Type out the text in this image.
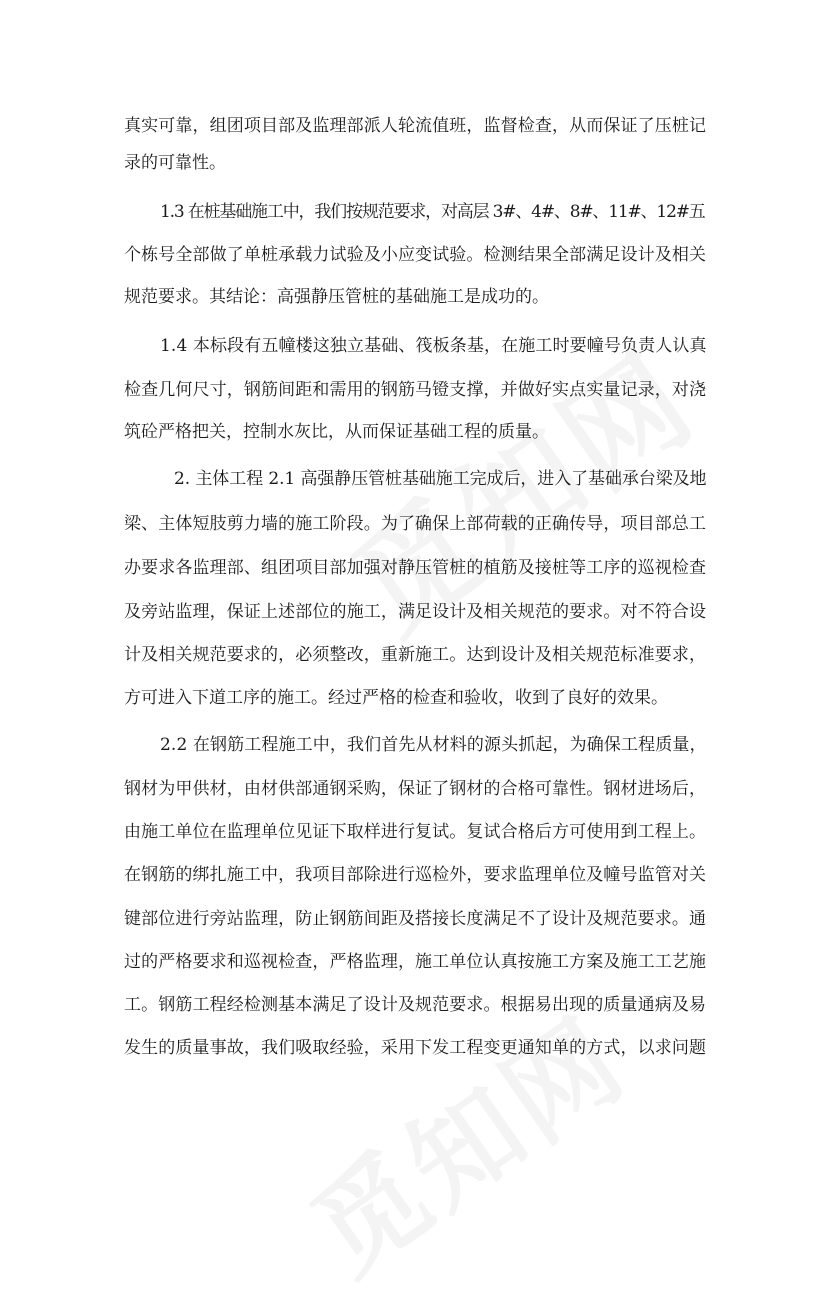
真实可靠，组团项目部及监理部派人轮流值班，监督检查，从而保证了压桩记
录的可靠性。
1.3 在桩基础施工中，我们按规范要求，对高层 3#、4#、8#、11#、12#五
个栋号全部做了单桩承载力试验及小应变试验。检测结果全部满足设计及相关
规范要求。其结论：高强静压管桩的基础施工是成功的。
1.4 本标段有五幢楼这独立基础、筏板条基，在施工时要幢号负责人认真
检查几何尺寸，钢筋间距和需用的钢筋马镫支撑，并做好实点实量记录，对浇
筑砼严格把关，控制水灰比，从而保证基础工程的质量。
2. 主体工程 2.1 高强静压管桩基础施工完成后，进入了基础承台梁及地
梁、主体短肢剪力墙的施工阶段。为了确保上部荷载的正确传导，项目部总工
办要求各监理部、组团项目部加强对静压管桩的植筋及接桩等工序的巡视检查
及旁站监理，保证上述部位的施工，满足设计及相关规范的要求。对不符合设
计及相关规范要求的，必须整改，重新施工。达到设计及相关规范标准要求，
方可进入下道工序的施工。经过严格的检查和验收，收到了良好的效果。
2.2 在钢筋工程施工中，我们首先从材料的源头抓起，为确保工程质量，
钢材为甲供材，由材供部通钢采购，保证了钢材的合格可靠性。钢材进场后，
由施工单位在监理单位见证下取样进行复试。复试合格后方可使用到工程上。
在钢筋的绑扎施工中，我项目部除进行巡检外，要求监理单位及幢号监管对关
键部位进行旁站监理，防止钢筋间距及搭接长度满足不了设计及规范要求。通
过的严格要求和巡视检查，严格监理，施工单位认真按施工方案及施工工艺施
工。钢筋工程经检测基本满足了设计及规范要求。根据易出现的质量通病及易
发生的质量事故，我们吸取经验，采用下发工程变更通知单的方式，以求问题
